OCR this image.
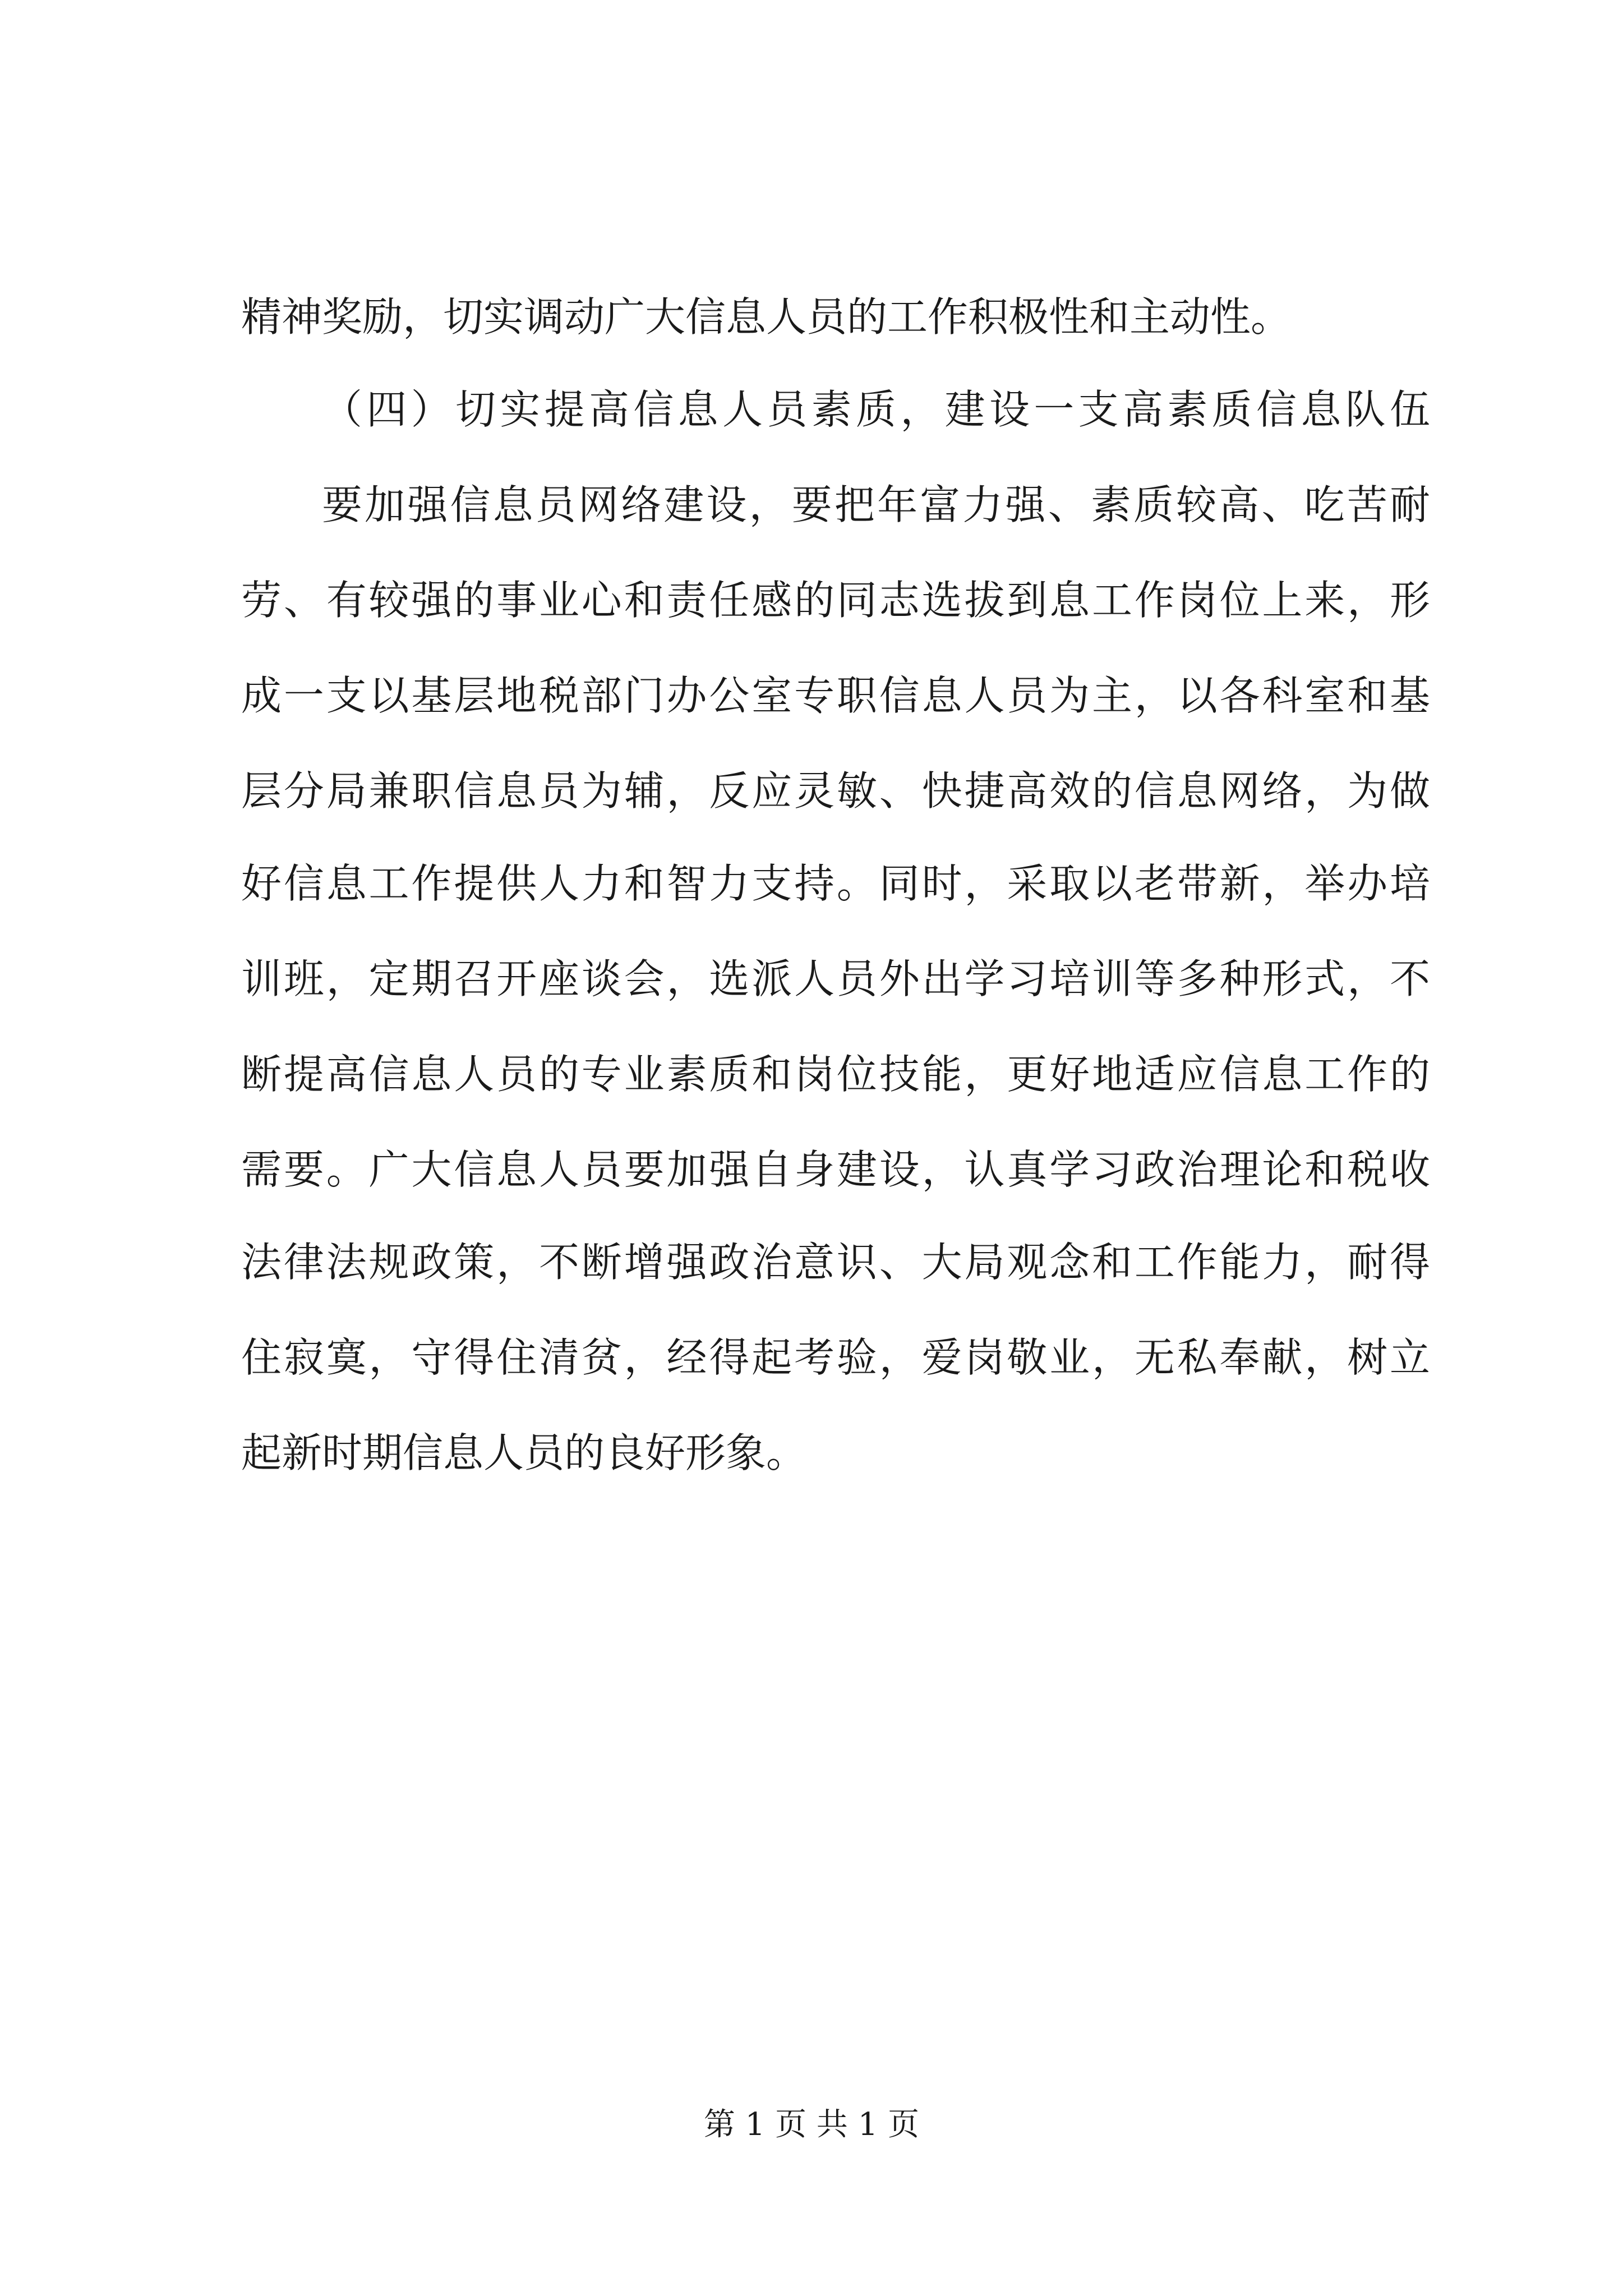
精神奖励，切实调动广大信息人员的工作积极性和主动性。
（四）切实提高信息人员素质，建设一支高素质信息队伍
要加强信息员网络建设，要把年富力强、素质较高、吃苦耐
劳、有较强的事业心和责任感的同志选拔到息工作岗位上来，形
成一支以基层地税部门办公室专职信息人员为主，以各科室和基
层分局兼职信息员为辅，反应灵敏、快捷高效的信息网络，为做
好信息工作提供人力和智力支持。同时，采取以老带新，举办培
训班，定期召开座谈会，选派人员外出学习培训等多种形式，不
断提高信息人员的专业素质和岗位技能，更好地适应信息工作的
需要。广大信息人员要加强自身建设，认真学习政治理论和税收
法律法规政策，不断增强政治意识、大局观念和工作能力，耐得
住寂寞，守得住清贫，经得起考验，爱岗敬业，无私奉献，树立
起新时期信息人员的良好形象。
第 1 页 共 1 页
